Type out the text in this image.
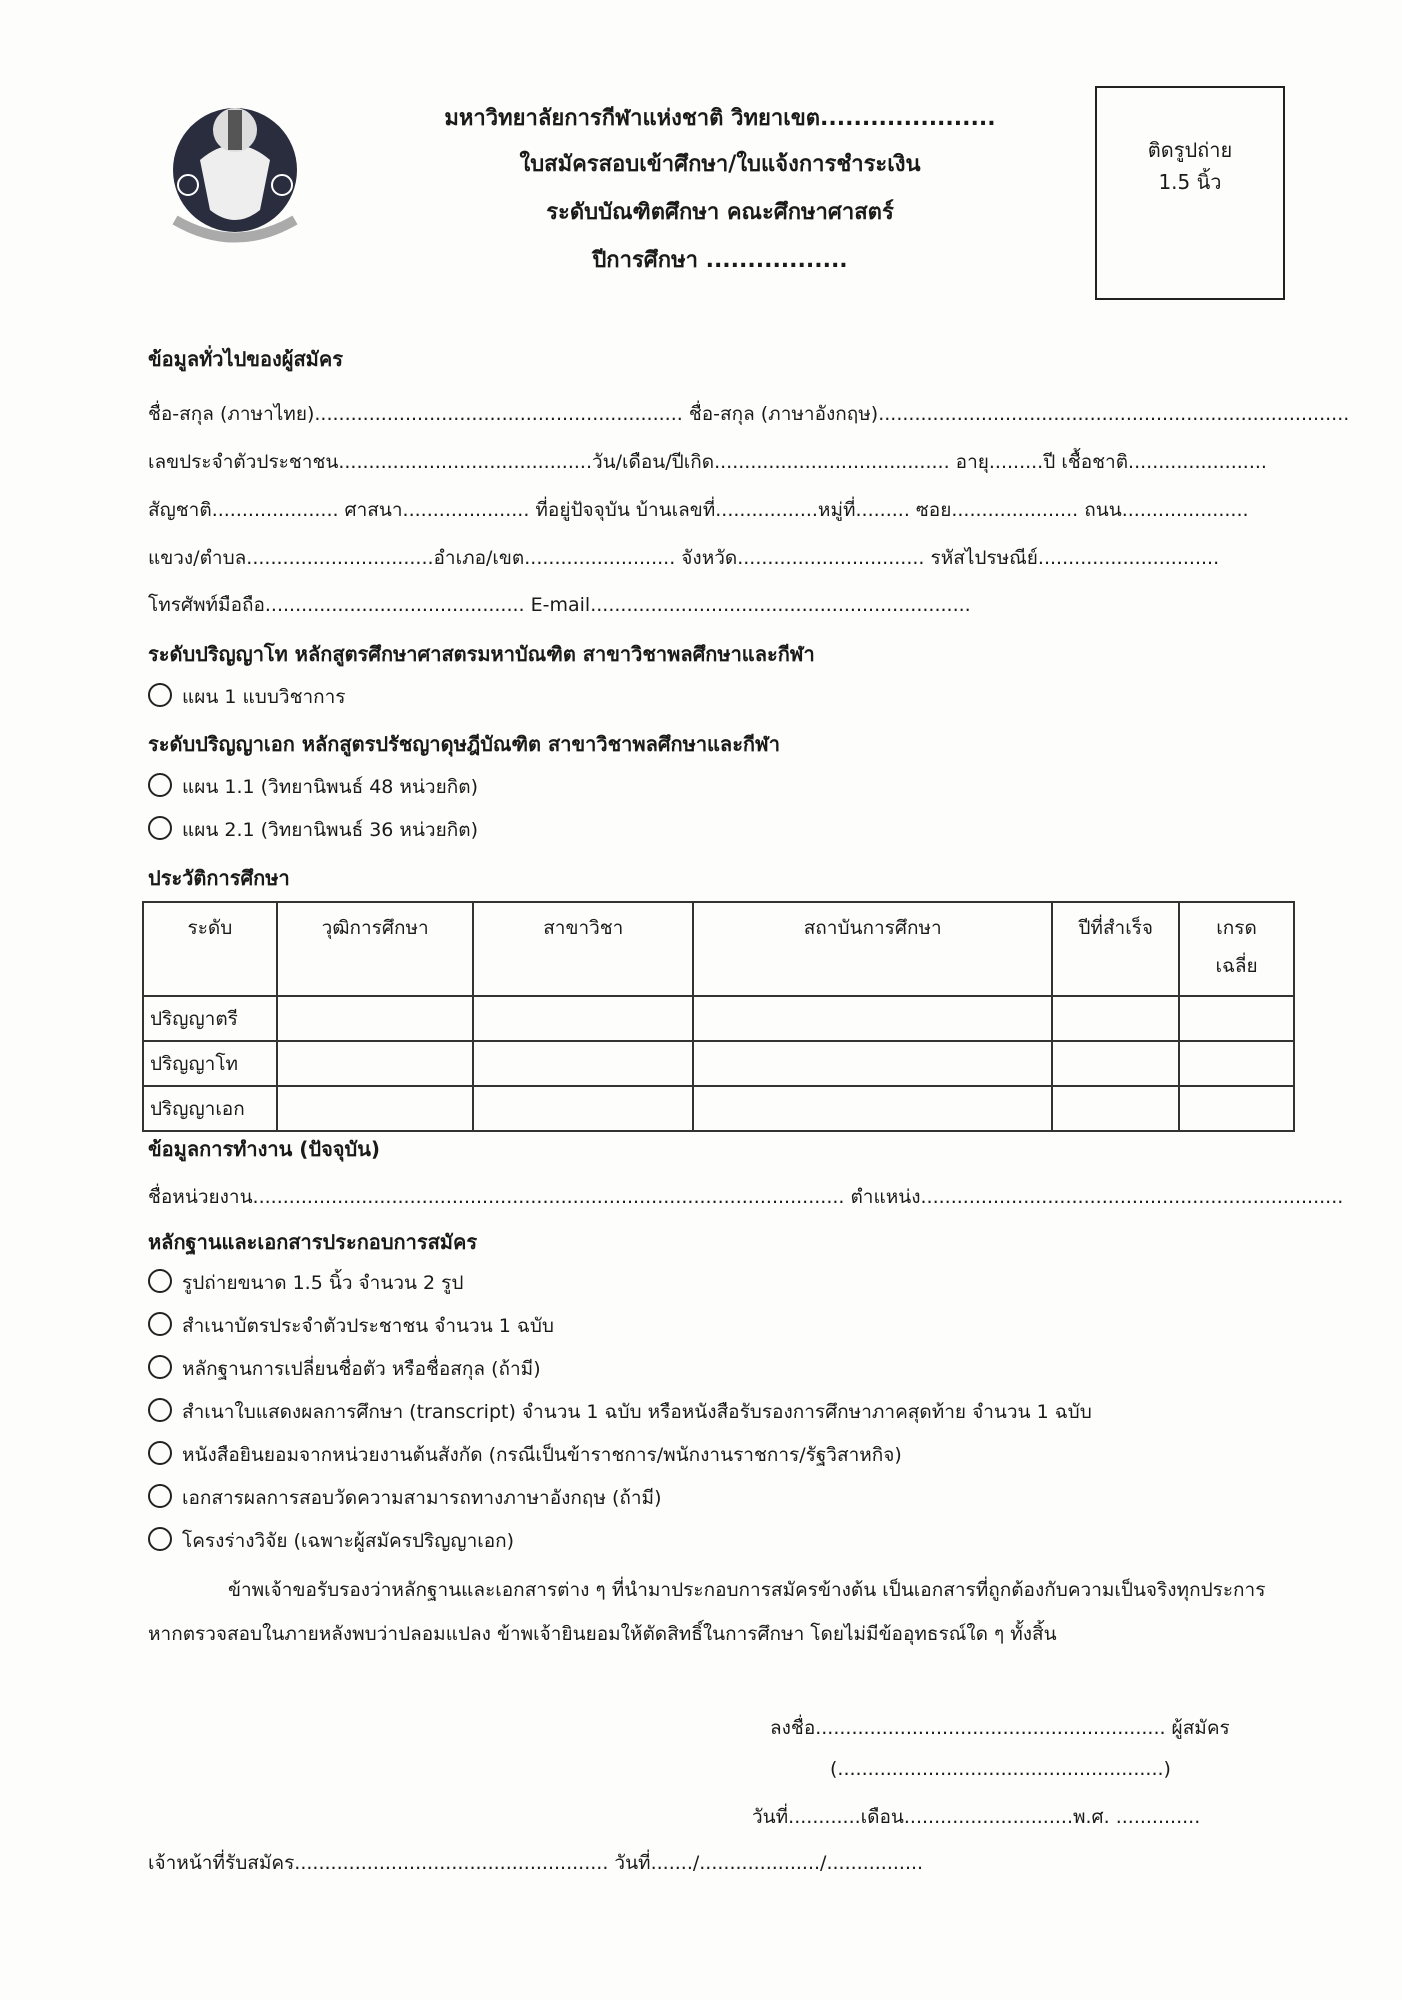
มหาวิทยาลัยการกีฬาแห่งชาติ วิทยาเขต.....................
ใบสมัครสอบเข้าศึกษา/ใบแจ้งการชำระเงิน
ระดับบัณฑิตศึกษา คณะศึกษาศาสตร์
ปีการศึกษา .................
ติดรูปถ่าย
1.5 นิ้ว
ข้อมูลทั่วไปของผู้สมัคร
ชื่อ-สกุล (ภาษาไทย)............................................................. ชื่อ-สกุล (ภาษาอังกฤษ)..............................................................................
เลขประจำตัวประชาชน..........................................วัน/เดือน/ปีเกิด....................................... อายุ.........ปี เชื้อชาติ.......................
สัญชาติ..................... ศาสนา..................... ที่อยู่ปัจจุบัน บ้านเลขที่.................หมู่ที่......... ซอย..................... ถนน.....................
แขวง/ตำบล...............................อำเภอ/เขต......................... จังหวัด............................... รหัสไปรษณีย์..............................
โทรศัพท์มือถือ........................................... E-mail...............................................................
ระดับปริญญาโท หลักสูตรศึกษาศาสตรมหาบัณฑิต สาขาวิชาพลศึกษาและกีฬา
แผน 1 แบบวิชาการ
ระดับปริญญาเอก หลักสูตรปรัชญาดุษฎีบัณฑิต สาขาวิชาพลศึกษาและกีฬา
แผน 1.1 (วิทยานิพนธ์ 48 หน่วยกิต)
แผน 2.1 (วิทยานิพนธ์ 36 หน่วยกิต)
ประวัติการศึกษา
ระดับ	วุฒิการศึกษา	สาขาวิชา	สถาบันการศึกษา	ปีที่สำเร็จ	เกรด
เฉลี่ย
ปริญญาตรี					
ปริญญาโท					
ปริญญาเอก					
ข้อมูลการทำงาน (ปัจจุบัน)
ชื่อหน่วยงาน.................................................................................................. ตำแหน่ง......................................................................
หลักฐานและเอกสารประกอบการสมัคร
รูปถ่ายขนาด 1.5 นิ้ว จำนวน 2 รูป
สำเนาบัตรประจำตัวประชาชน จำนวน 1 ฉบับ
หลักฐานการเปลี่ยนชื่อตัว หรือชื่อสกุล (ถ้ามี)
สำเนาใบแสดงผลการศึกษา (transcript) จำนวน 1 ฉบับ หรือหนังสือรับรองการศึกษาภาคสุดท้าย จำนวน 1 ฉบับ
หนังสือยินยอมจากหน่วยงานต้นสังกัด (กรณีเป็นข้าราชการ/พนักงานราชการ/รัฐวิสาหกิจ)
เอกสารผลการสอบวัดความสามารถทางภาษาอังกฤษ (ถ้ามี)
โครงร่างวิจัย (เฉพาะผู้สมัครปริญญาเอก)
ข้าพเจ้าขอรับรองว่าหลักฐานและเอกสารต่าง ๆ ที่นำมาประกอบการสมัครข้างต้น เป็นเอกสารที่ถูกต้องกับความเป็นจริงทุกประการ หากตรวจสอบในภายหลังพบว่าปลอมแปลง ข้าพเจ้ายินยอมให้ตัดสิทธิ์ในการศึกษา โดยไม่มีข้ออุทธรณ์ใด ๆ ทั้งสิ้น
ลงชื่อ.......................................................... ผู้สมัคร
(......................................................)
วันที่............เดือน............................พ.ศ. ..............
เจ้าหน้าที่รับสมัคร.................................................... วันที่......./..................../................
